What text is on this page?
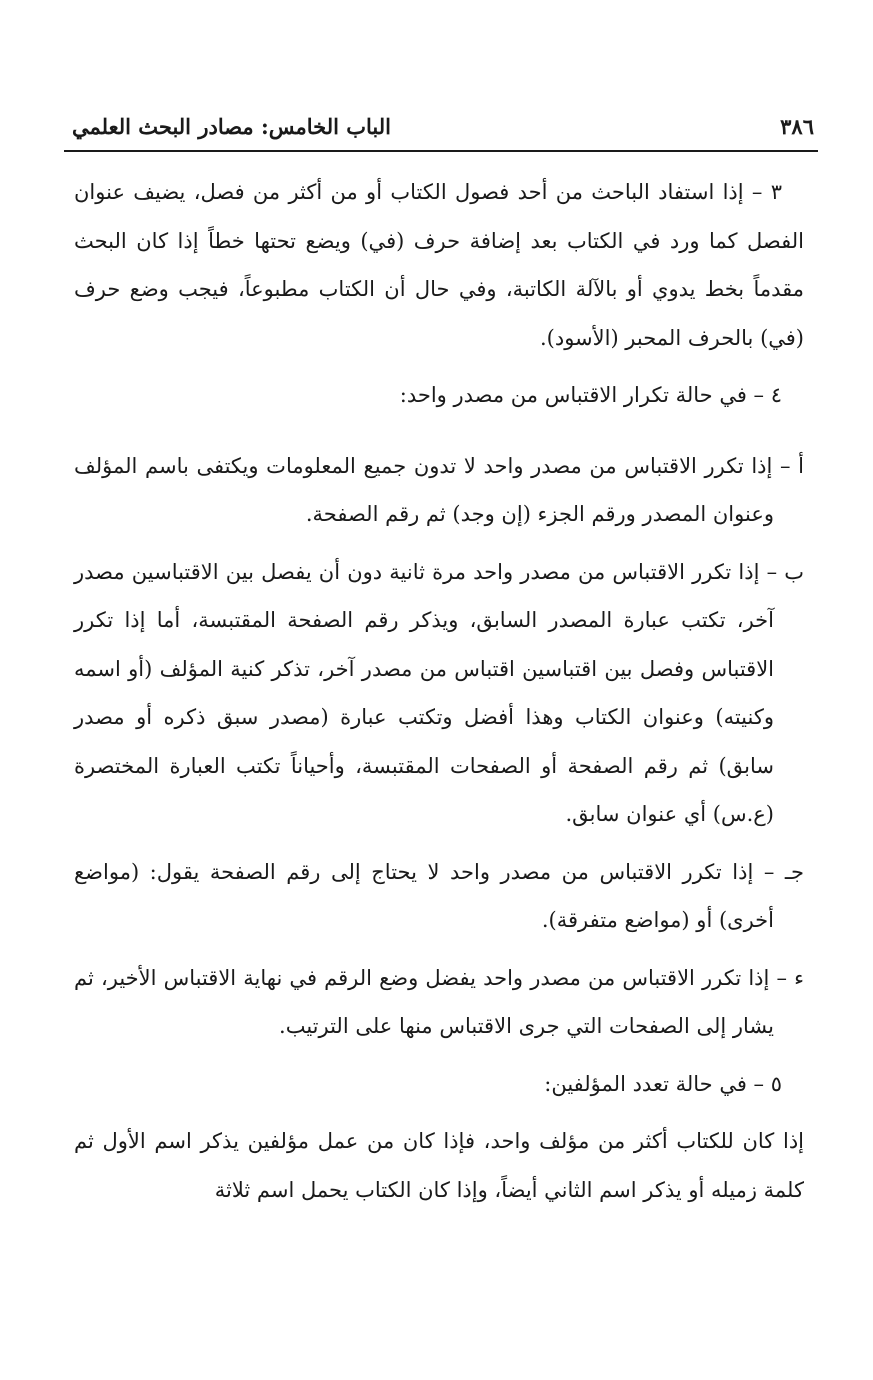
٣٨٦
الباب الخامس: مصادر البحث العلمي

٣ – إذا استفاد الباحث من أحد فصول الكتاب أو من أكثر من فصل، يضيف عنوان الفصل كما ورد في الكتاب بعد إضافة حرف (في) ويضع تحتها خطاً إذا كان البحث مقدماً بخط يدوي أو بالآلة الكاتبة، وفي حال أن الكتاب مطبوعاً، فيجب وضع حرف (في) بالحرف المحبر (الأسود).

٤ – في حالة تكرار الاقتباس من مصدر واحد:

أ – إذا تكرر الاقتباس من مصدر واحد لا تدون جميع المعلومات ويكتفى باسم المؤلف وعنوان المصدر ورقم الجزء (إن وجد) ثم رقم الصفحة.

ب – إذا تكرر الاقتباس من مصدر واحد مرة ثانية دون أن يفصل بين الاقتباسين مصدر آخر، تكتب عبارة المصدر السابق، ويذكر رقم الصفحة المقتبسة، أما إذا تكرر الاقتباس وفصل بين اقتباسين اقتباس من مصدر آخر، تذكر كنية المؤلف (أو اسمه وكنيته) وعنوان الكتاب وهذا أفضل وتكتب عبارة (مصدر سبق ذكره أو مصدر سابق) ثم رقم الصفحة أو الصفحات المقتبسة، وأحياناً تكتب العبارة المختصرة (ع.س) أي عنوان سابق.

جـ – إذا تكرر الاقتباس من مصدر واحد لا يحتاج إلى رقم الصفحة يقول: (مواضع أخرى) أو (مواضع متفرقة).

ء – إذا تكرر الاقتباس من مصدر واحد يفضل وضع الرقم في نهاية الاقتباس الأخير، ثم يشار إلى الصفحات التي جرى الاقتباس منها على الترتيب.

٥ – في حالة تعدد المؤلفين:

إذا كان للكتاب أكثر من مؤلف واحد، فإذا كان من عمل مؤلفين يذكر اسم الأول ثم كلمة زميله أو يذكر اسم الثاني أيضاً، وإذا كان الكتاب يحمل اسم ثلاثة
